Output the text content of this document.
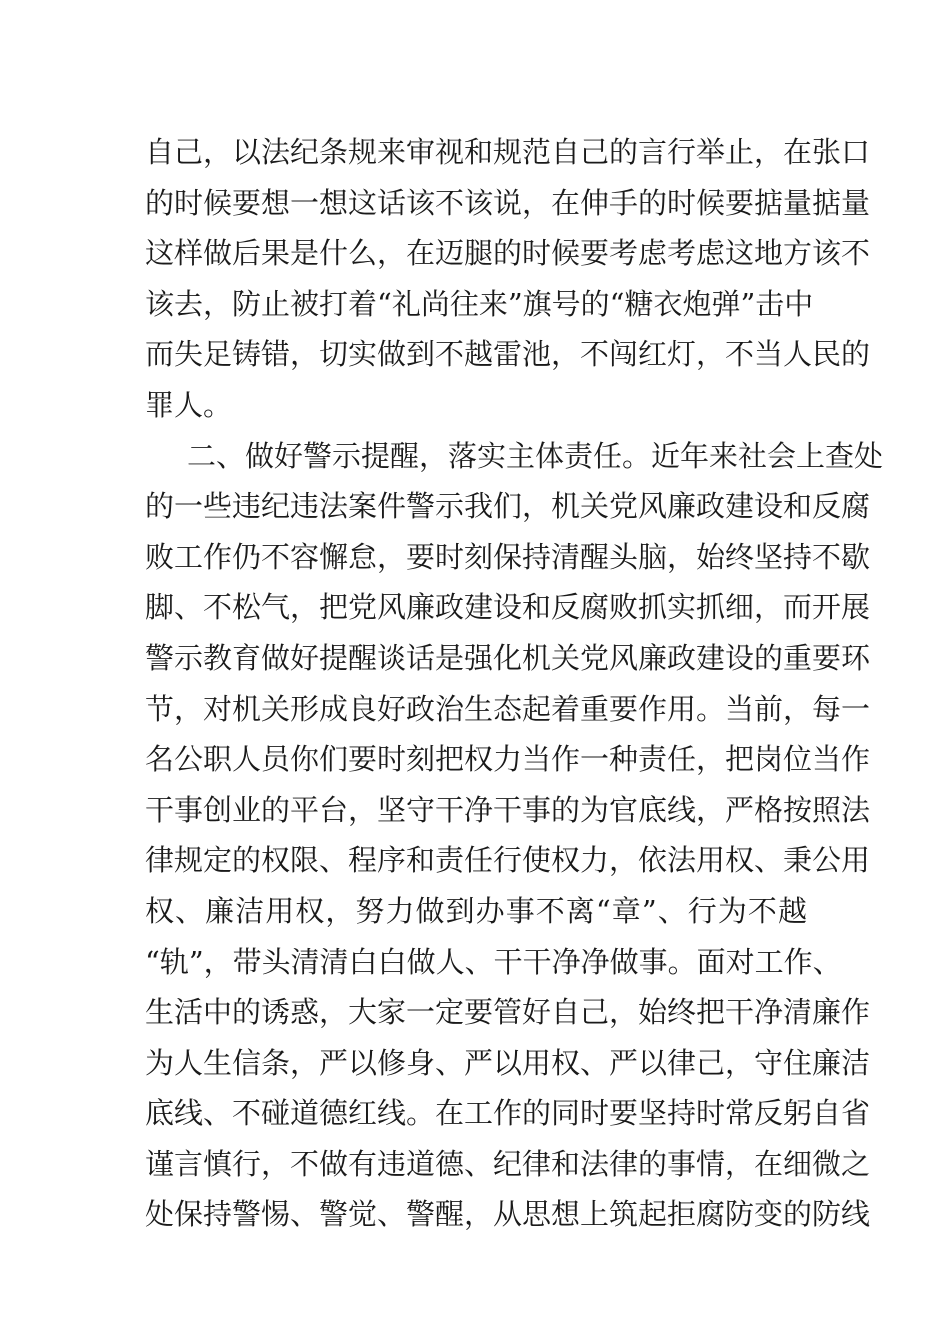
自己，以法纪条规来审视和规范自己的言行举止，在张口
的时候要想一想这话该不该说，在伸手的时候要掂量掂量
这样做后果是什么，在迈腿的时候要考虑考虑这地方该不
该去，防止被打着“礼尚往来”旗号的“糖衣炮弹”击中
而失足铸错，切实做到不越雷池，不闯红灯，不当人民的
罪人。
二、做好警示提醒，落实主体责任。近年来社会上查处
的一些违纪违法案件警示我们，机关党风廉政建设和反腐
败工作仍不容懈怠，要时刻保持清醒头脑，始终坚持不歇
脚、不松气，把党风廉政建设和反腐败抓实抓细，而开展
警示教育做好提醒谈话是强化机关党风廉政建设的重要环
节，对机关形成良好政治生态起着重要作用。当前，每一
名公职人员你们要时刻把权力当作一种责任，把岗位当作
干事创业的平台，坚守干净干事的为官底线，严格按照法
律规定的权限、程序和责任行使权力，依法用权、秉公用
权、廉洁用权，努力做到办事不离“章”、行为不越
“轨”，带头清清白白做人、干干净净做事。面对工作、
生活中的诱惑，大家一定要管好自己，始终把干净清廉作
为人生信条，严以修身、严以用权、严以律己，守住廉洁
底线、不碰道德红线。在工作的同时要坚持时常反躬自省
谨言慎行，不做有违道德、纪律和法律的事情，在细微之
处保持警惕、警觉、警醒，从思想上筑起拒腐防变的防线
